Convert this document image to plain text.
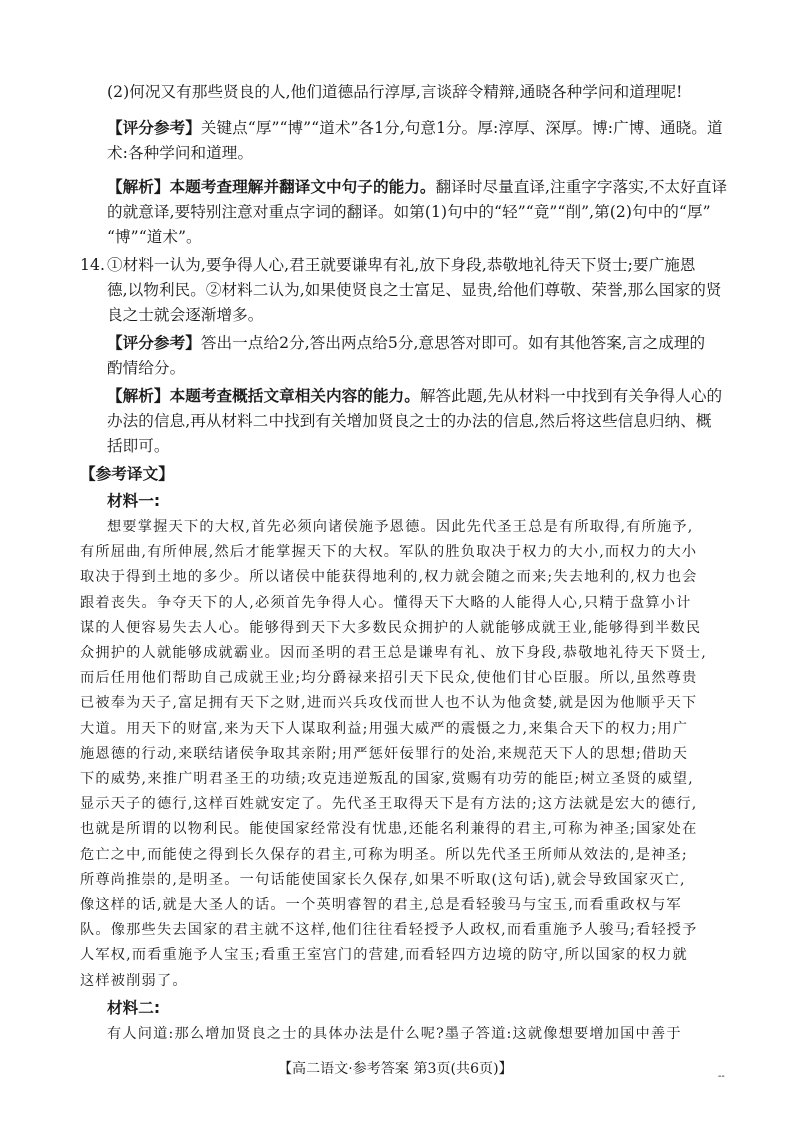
(2)何况又有那些贤良的人,他们道德品行淳厚,言谈辞令精辩,通晓各种学问和道理呢!
【评分参考】关键点“厚”“博”“道术”各1分,句意1分。厚:淳厚、深厚。博:广博、通晓。道
术:各种学问和道理。
【解析】本题考查理解并翻译文中句子的能力。翻译时尽量直译,注重字字落实,不太好直译
的就意译,要特别注意对重点字词的翻译。如第(1)句中的“轻”“竟”“削”,第(2)句中的“厚”
“博”“道术”。
14. ①材料一认为,要争得人心,君王就要谦卑有礼,放下身段,恭敬地礼待天下贤士;要广施恩
德,以物利民。②材料二认为,如果使贤良之士富足、显贵,给他们尊敬、荣誉,那么国家的贤
良之士就会逐渐增多。
【评分参考】答出一点给2分,答出两点给5分,意思答对即可。如有其他答案,言之成理的
酌情给分。
【解析】本题考查概括文章相关内容的能力。解答此题,先从材料一中找到有关争得人心的
办法的信息,再从材料二中找到有关增加贤良之士的办法的信息,然后将这些信息归纳、概
括即可。
【参考译文】
材料一:
想要掌握天下的大权,首先必须向诸侯施予恩德。因此先代圣王总是有所取得,有所施予,
有所屈曲,有所伸展,然后才能掌握天下的大权。军队的胜负取决于权力的大小,而权力的大小
取决于得到土地的多少。所以诸侯中能获得地利的,权力就会随之而来;失去地利的,权力也会
跟着丧失。争夺天下的人,必须首先争得人心。懂得天下大略的人能得人心,只精于盘算小计
谋的人便容易失去人心。能够得到天下大多数民众拥护的人就能够成就王业,能够得到半数民
众拥护的人就能够成就霸业。因而圣明的君王总是谦卑有礼、放下身段,恭敬地礼待天下贤士,
而后任用他们帮助自己成就王业;均分爵禄来招引天下民众,使他们甘心臣服。所以,虽然尊贵
已被奉为天子,富足拥有天下之财,进而兴兵攻伐而世人也不认为他贪婪,就是因为他顺乎天下
大道。用天下的财富,来为天下人谋取利益;用强大威严的震慑之力,来集合天下的权力;用广
施恩德的行动,来联结诸侯争取其亲附;用严惩奸佞罪行的处治,来规范天下人的思想;借助天
下的威势,来推广明君圣王的功绩;攻克违逆叛乱的国家,赏赐有功劳的能臣;树立圣贤的威望,
显示天子的德行,这样百姓就安定了。先代圣王取得天下是有方法的;这方法就是宏大的德行,
也就是所谓的以物利民。能使国家经常没有忧患,还能名利兼得的君主,可称为神圣;国家处在
危亡之中,而能使之得到长久保存的君主,可称为明圣。所以先代圣王所师从效法的,是神圣;
所尊尚推崇的,是明圣。一句话能使国家长久保存,如果不听取(这句话),就会导致国家灭亡,
像这样的话,就是大圣人的话。一个英明睿智的君主,总是看轻骏马与宝玉,而看重政权与军
队。像那些失去国家的君主就不这样,他们往往看轻授予人政权,而看重施予人骏马;看轻授予
人军权,而看重施予人宝玉;看重王室宫门的营建,而看轻四方边境的防守,所以国家的权力就
这样被削弱了。
材料二:
有人问道:那么增加贤良之士的具体办法是什么呢?墨子答道:这就像想要增加国中善于
【高二语文·参考答案 第3页(共6页)】	--
